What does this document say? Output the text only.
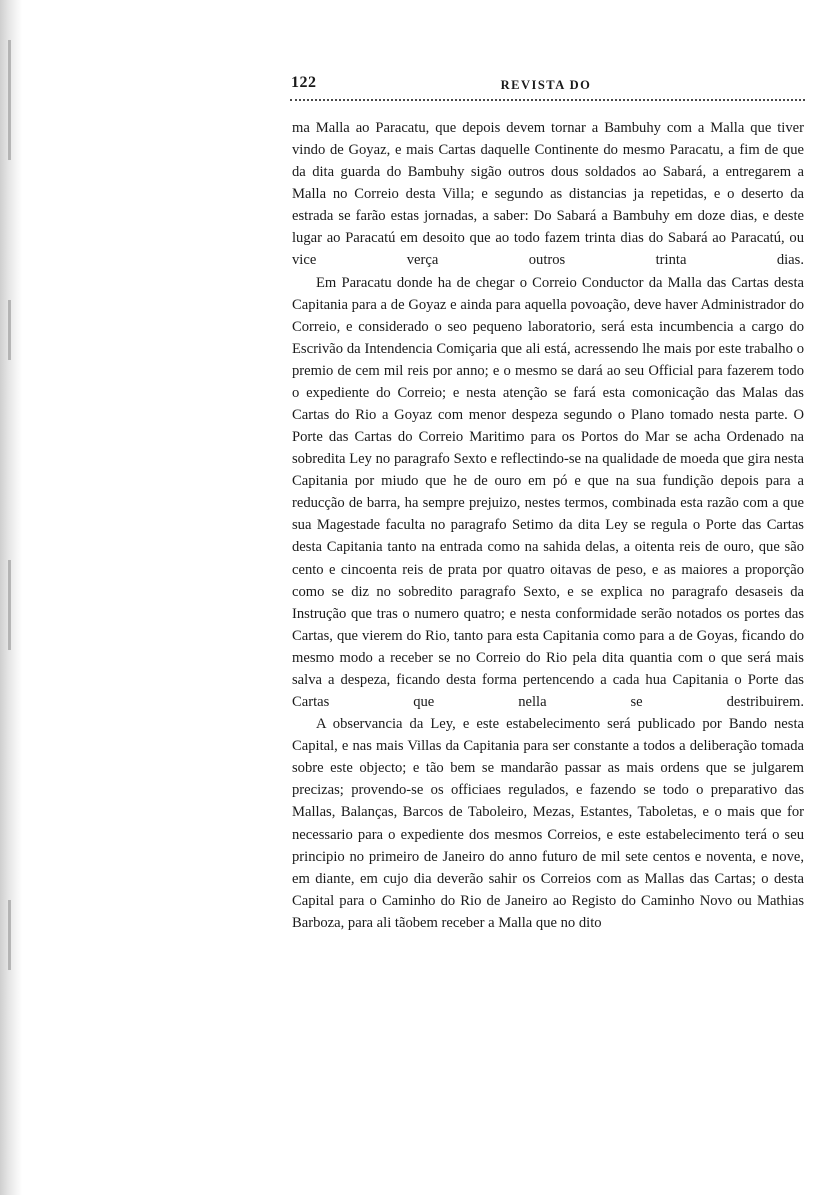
122	REVISTA DO

ma Malla ao Paracatu, que depois devem tornar a Bambuhy com a Malla que tiver vindo de Goyaz, e mais Cartas daquelle Continente do mesmo Paracatu, a fim de que da dita guarda do Bambuhy sigão outros dous soldados ao Sabará, a entregarem a Malla no Correio desta Villa; e segundo as distancias ja repetidas, e o deserto da estrada se farão estas jornadas, a saber: Do Sabará a Bambuhy em doze dias, e deste lugar ao Paracatú em desoito que ao todo fazem trinta dias do Sabará ao Paracatú, ou vice verça outros trinta dias.

Em Paracatu donde ha de chegar o Correio Conductor da Malla das Cartas desta Capitania para a de Goyaz e ainda para aquella povoação, deve haver Administrador do Correio, e considerado o seo pequeno laboratorio, será esta incumbencia a cargo do Escrivão da Intendencia Comiçaria que ali está, acressendo lhe mais por este trabalho o premio de cem mil reis por anno; e o mesmo se dará ao seu Official para fazerem todo o expediente do Correio; e nesta atenção se fará esta comonicação das Malas das Cartas do Rio a Goyaz com menor despeza segundo o Plano tomado nesta parte. O Porte das Cartas do Correio Maritimo para os Portos do Mar se acha Ordenado na sobredita Ley no paragrafo Sexto e reflectindo-se na qualidade de moeda que gira nesta Capitania por miudo que he de ouro em pó e que na sua fundição depois para a reducção de barra, ha sempre prejuizo, nestes termos, combinada esta razão com a que sua Magestade faculta no paragrafo Setimo da dita Ley se regula o Porte das Cartas desta Capitania tanto na entrada como na sahida delas, a oitenta reis de ouro, que são cento e cincoenta reis de prata por quatro oitavas de peso, e as maiores a proporção como se diz no sobredito paragrafo Sexto, e se explica no paragrafo desaseis da Instrução que tras o numero quatro; e nesta conformidade serão notados os portes das Cartas, que vierem do Rio, tanto para esta Capitania como para a de Goyas, ficando do mesmo modo a receber se no Correio do Rio pela dita quantia com o que será mais salva a despeza, ficando desta forma pertencendo a cada hua Capitania o Porte das Cartas que nella se destribuirem.

A observancia da Ley, e este estabelecimento será publicado por Bando nesta Capital, e nas mais Villas da Capitania para ser constante a todos a deliberação tomada sobre este objecto; e tão bem se mandarão passar as mais ordens que se julgarem precizas; provendo-se os officiaes regulados, e fazendo se todo o preparativo das Mallas, Balanças, Barcos de Taboleiro, Mezas, Estantes, Taboletas, e o mais que for necessario para o expediente dos mesmos Correios, e este estabelecimento terá o seu principio no primeiro de Janeiro do anno futuro de mil sete centos e noventa, e nove, em diante, em cujo dia deverão sahir os Correios com as Mallas das Cartas; o desta Capital para o Caminho do Rio de Janeiro ao Registo do Caminho Novo ou Mathias Barboza, para ali tãobem receber a Malla que no dito
